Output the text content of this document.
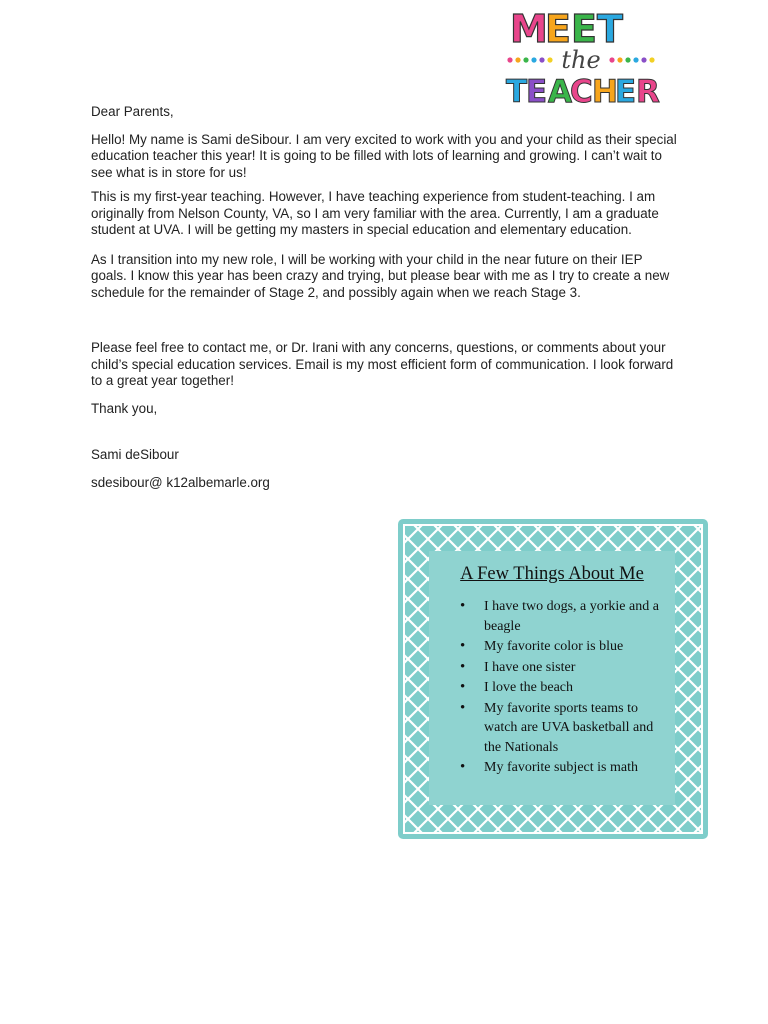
M
E E T
the
T
E A
C H
E R

Dear Parents,

Hello! My name is Sami deSibour. I am very excited to work with you and your child as their special education teacher this year! It is going to be filled with lots of learning and growing. I can’t wait to see what is in store for us!

This is my first-year teaching. However, I have teaching experience from student-teaching. I am originally from Nelson County, VA, so I am very familiar with the area. Currently, I am a graduate student at UVA. I will be getting my masters in special education and elementary education.

As I transition into my new role, I will be working with your child in the near future on their IEP goals. I know this year has been crazy and trying, but please bear with me as I try to create a new schedule for the remainder of Stage 2, and possibly again when we reach Stage 3.

Please feel free to contact me, or Dr. Irani with any concerns, questions, or comments about your child’s special education services. Email is my most efficient form of communication. I look forward to a great year together!

Thank you,

Sami deSibour

sdesibour@ k12albemarle.org

A Few Things About Me
• I have two dogs, a yorkie and a beagle
• My favorite color is blue
• I have one sister
• I love the beach
• My favorite sports teams to watch are UVA basketball and the Nationals
• My favorite subject is math
